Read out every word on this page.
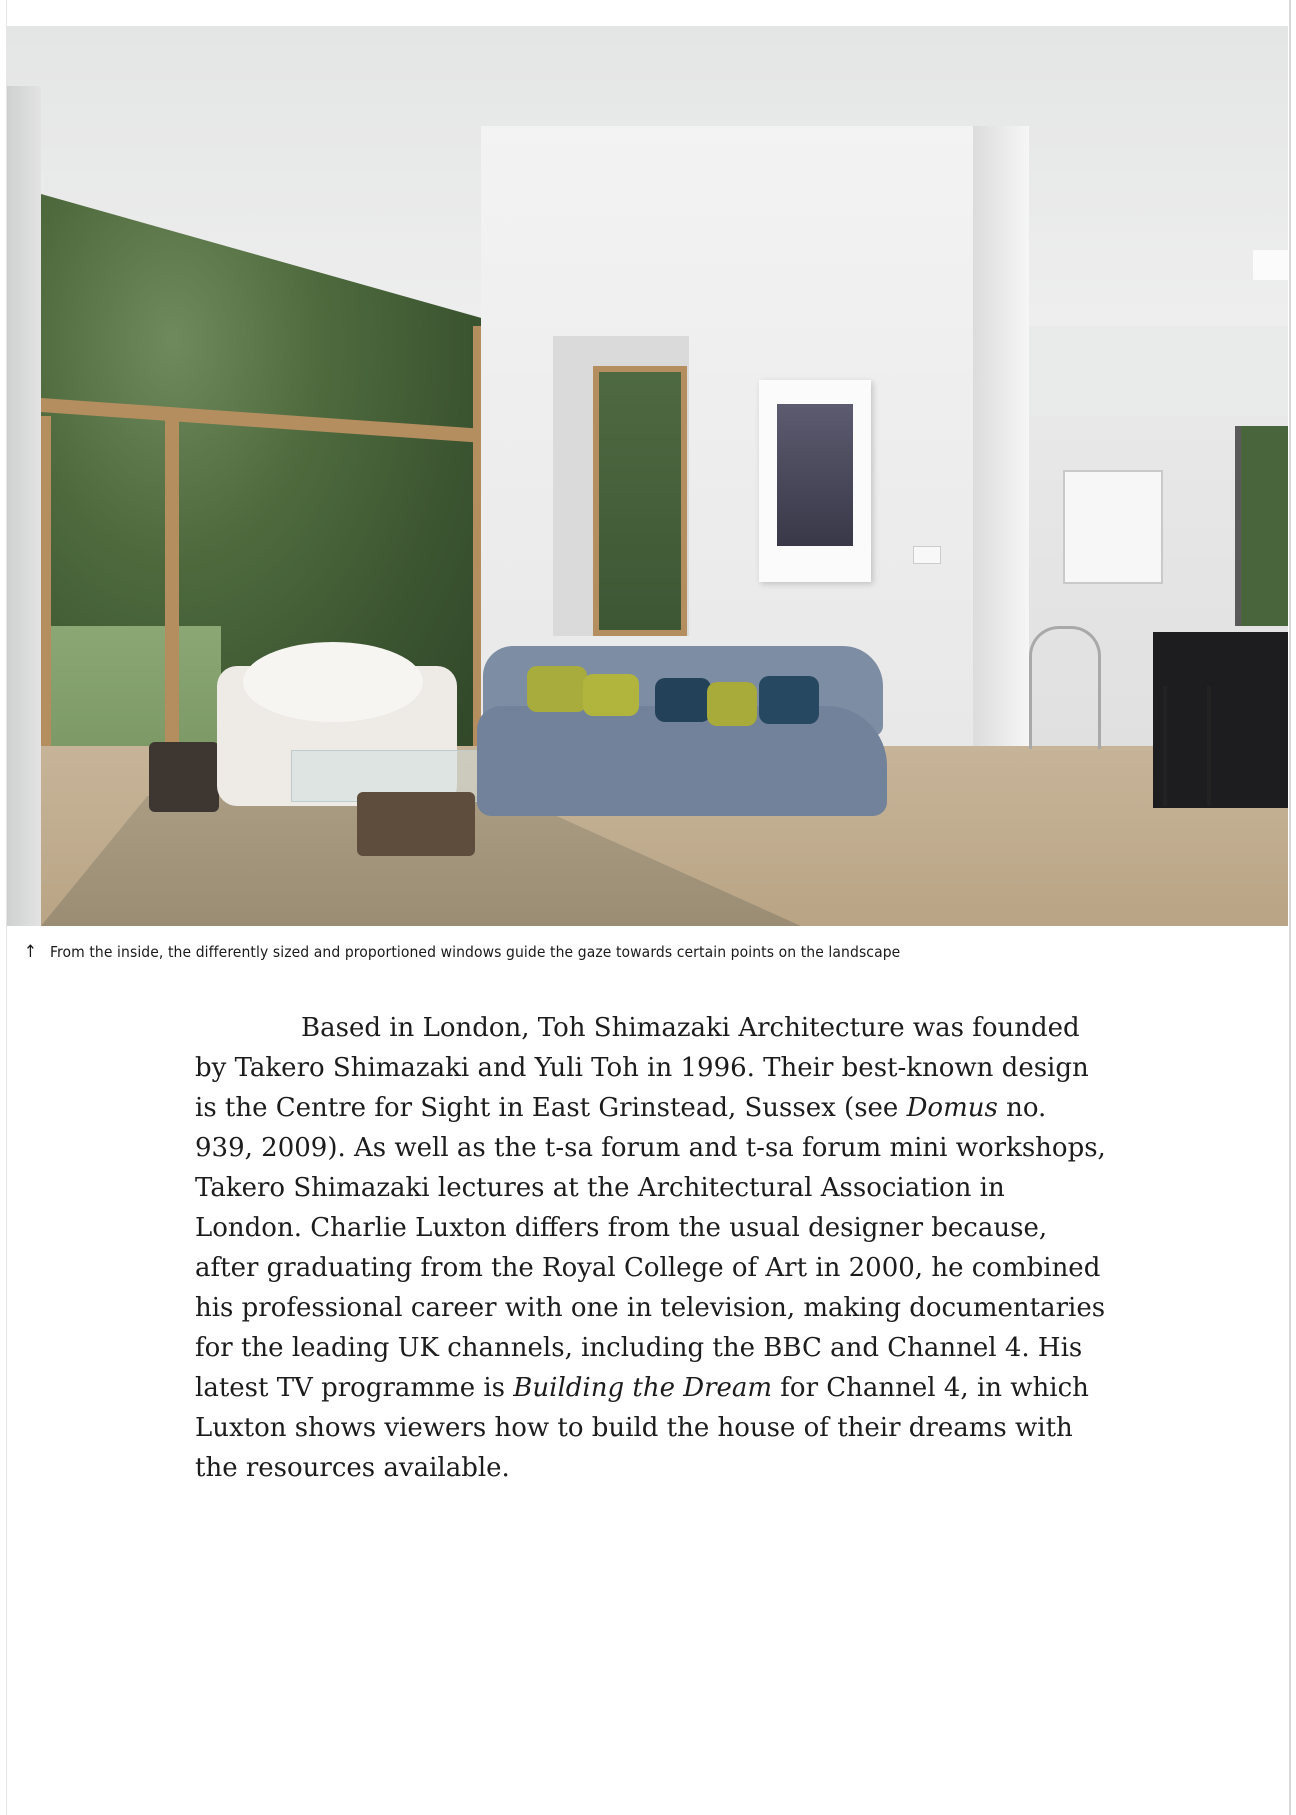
↑ From the inside, the differently sized and proportioned windows guide the gaze towards certain points on the landscape

Based in London, Toh Shimazaki Architecture was founded by Takero Shimazaki and Yuli Toh in 1996. Their best-known design is the Centre for Sight in East Grinstead, Sussex (see Domus no. 939, 2009). As well as the t-sa forum and t-sa forum mini workshops, Takero Shimazaki lectures at the Architectural Association in London. Charlie Luxton differs from the usual designer because, after graduating from the Royal College of Art in 2000, he combined his professional career with one in television, making documentaries for the leading UK channels, including the BBC and Channel 4. His latest TV programme is Building the Dream for Channel 4, in which Luxton shows viewers how to build the house of their dreams with the resources available.
